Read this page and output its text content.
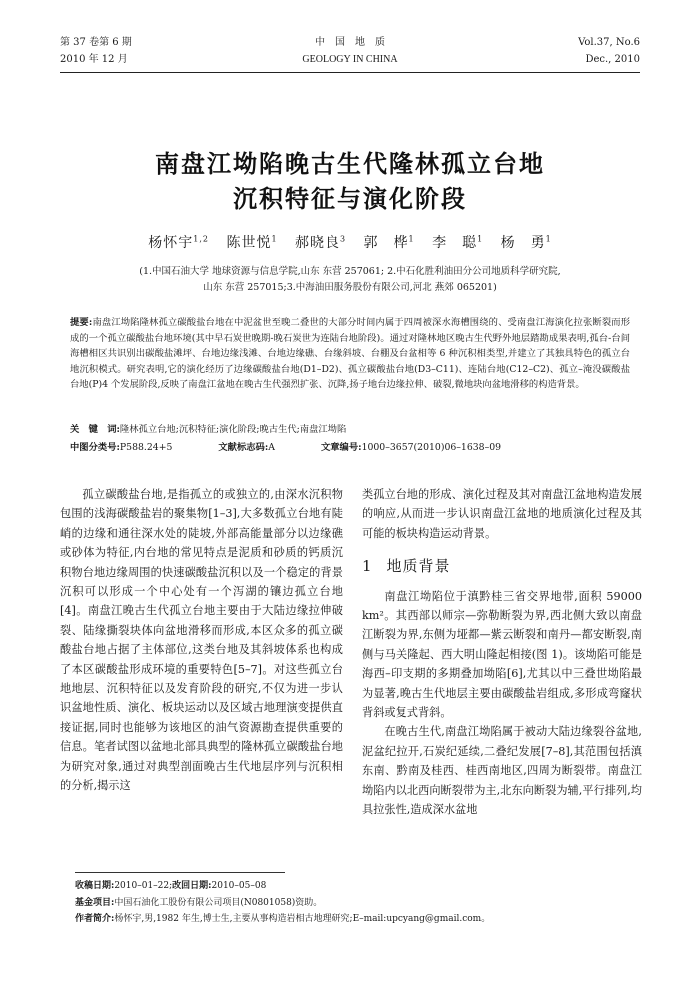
第 37 卷第 6 期
2010 年 12 月
中　国　地　质
GEOLOGY IN CHINA
Vol.37, No.6
Dec., 2010
南盘江坳陷晚古生代隆林孤立台地
沉积特征与演化阶段
杨怀宇$^{1,2}$ 陈世悦$^1$ 郝晓良$^3$ 郭　桦$^1$ 李　聪$^1$ 杨　勇$^1$
(1.中国石油大学 地球资源与信息学院,山东 东营 257061; 2.中石化胜利油田分公司地质科学研究院,
山东 东营 257015;3.中海油田服务股份有限公司,河北 燕郊 065201)
提要:南盘江坳陷隆林孤立碳酸盐台地在中泥盆世至晚二叠世的大部分时间内属于四周被深水海槽围绕的、受南盘江海演化拉张断裂而形成的一个孤立碳酸盐台地环境(其中早石炭世晚期-晚石炭世为连陆台地阶段)。通过对隆林地区晚古生代野外地层踏勘成果表明,孤台-台间海槽相区共识别出碳酸盐滩坪、台地边缘浅滩、台地边缘礁、台缘斜坡、台棚及台盆相等 6 种沉积相类型,并建立了其独具特色的孤立台地沉积模式。研究表明,它的演化经历了边缘碳酸盐台地(D1–D2)、孤立碳酸盐台地(D3–C11)、连陆台地(C12–C2)、孤立–淹没碳酸盐台地(P)4 个发展阶段,反映了南盘江盆地在晚古生代强烈扩张、沉降,扬子地台边缘拉伸、破裂,微地块向盆地滑移的构造背景。
关　键　词:隆林孤立台地;沉积特征;演化阶段;晚古生代;南盘江坳陷
中图分类号:P588.24+5	文献标志码:A	文章编号:1000–3657(2010)06–1638–09

孤立碳酸盐台地,是指孤立的或独立的,由深水沉积物包围的浅海碳酸盐岩的聚集物[1–3],大多数孤立台地有陡峭的边缘和通往深水处的陡坡,外部高能量部分以边缘礁或砂体为特征,内台地的常见特点是泥质和砂质的钙质沉积物台地边缘周围的快速碳酸盐沉积以及一个稳定的背景沉积可以形成一个中心处有一个泻湖的镶边孤立台地[4]。南盘江晚古生代孤立台地主要由于大陆边缘拉伸破裂、陆缘撕裂块体向盆地滑移而形成,本区众多的孤立碳酸盐台地占据了主体部位,这类台地及其斜坡体系也构成了本区碳酸盐形成环境的重要特色[5–7]。对这些孤立台地地层、沉积特征以及发育阶段的研究,不仅为进一步认识盆地性质、演化、板块运动以及区域古地理演变提供直接证据,同时也能够为该地区的油气资源勘查提供重要的信息。笔者试图以盆地北部具典型的隆林孤立碳酸盐台地为研究对象,通过对典型剖面晚古生代地层序列与沉积相的分析,揭示这

类孤立台地的形成、演化过程及其对南盘江盆地构造发展的响应,从而进一步认识南盘江盆地的地质演化过程及其可能的板块构造运动背景。

1 地质背景

南盘江坳陷位于滇黔桂三省交界地带,面积 59000 km²。其西部以师宗—弥勒断裂为界,西北侧大致以南盘江断裂为界,东侧为垭都—紫云断裂和南丹—都安断裂,南侧与马关隆起、西大明山隆起相接(图 1)。该坳陷可能是海西–印支期的多期叠加坳陷[6],尤其以中三叠世坳陷最为显著,晚古生代地层主要由碳酸盐岩组成,多形成弯窿状背斜或复式背斜。

在晚古生代,南盘江坳陷属于被动大陆边缘裂谷盆地,泥盆纪拉开,石炭纪延续,二叠纪发展[7–8],其范围包括滇东南、黔南及桂西、桂西南地区,四周为断裂带。南盘江坳陷内以北西向断裂带为主,北东向断裂为辅,平行排列,均具拉张性,造成深水盆地

收稿日期:2010–01–22;改回日期:2010–05–08
基金项目:中国石油化工股份有限公司项目(N0801058)资助。
作者简介:杨怀宇,男,1982 年生,博士生,主要从事构造岩相古地理研究;E–mail:upcyang@gmail.com。
